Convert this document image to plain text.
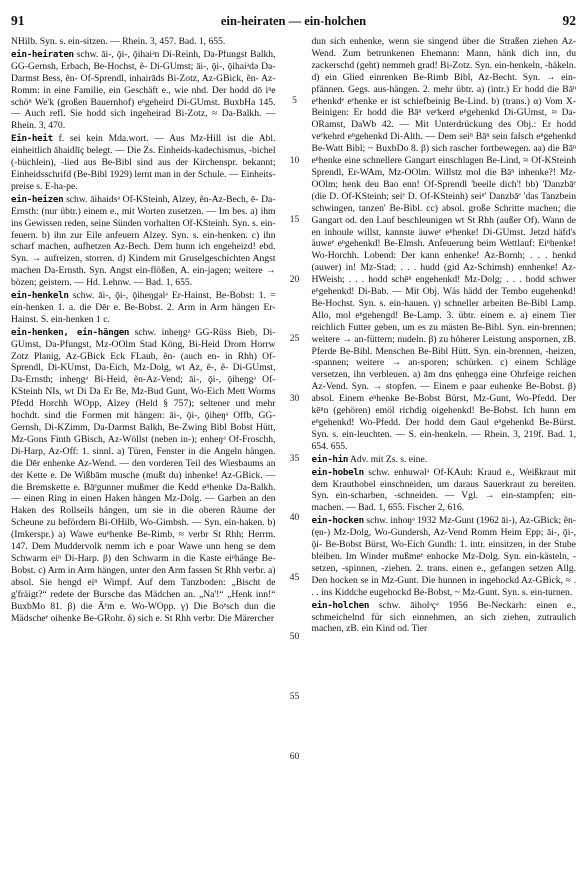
91	ein-heiraten — ein-holchen	92

NHilb. Syn. s. ein-sitzen. — Rhein. 3, 457. Bad. 1, 655.

ein-heiraten schw. āi-, ǭi-, ǭihaiᵊn Di-Reinh, Da-Pfungst Balkh, GG-Gernsh, Erbach, Be-Hochst, ẽ- Di-GUmst; āi-, ǭi-, ǭihaiᵊdə Da-Darmst Bess, ẽn- Of-Sprendl, inhairāds Bi-Zotz, Az-GBick, ẽn- Az-Romm: in eine Familie, ein Geschäft e., wie nhd. Der hodd dō iⁿe schöⁿ We'k (großen Bauernhof) eⁿgeheird Di-GUmst. BuxbHa 145. — Auch refl. Sie hodd sich ingeheirad Bi-Zotz, ≈ Da-Balkh. — Rhein. 3, 470.

Ein-heit f. sei kein Mda.wort. — Aus Mz-Hill ist die Abl. einheitlich āhaidlīç belegt. — Die Zs. Einheids-kadechismus, -bichel (-büchlein), -lied aus Be-Bibl sind aus der Kirchenspr. bekannt; Einheidsschrifd (Be-Bibl 1929) lernt man in der Schule. — Einheits-preise s. E-ha-pe.

ein-heizen schw. āihaidsᵊ Of-KSteinh, Alzey, ẽn-Az-Bech, ē- Da-Ernsth: (nur übtr.) einem e., mit Worten zusetzen. — Im bes. a) ihm ins Gewissen reden, seine Sünden vorhalten Of-KSteinh. Syn. s. ein-feuern. b) ihn zur Eile anfeuern Alzey. Syn. s. ein-henken. c) ihn scharf machen, aufhetzen Az-Bech. Dem hunn ich engeheizd! ebd. Syn. → aufreizen, storren. d) Kindern mit Gruselgeschichten Angst machen Da-Ernsth. Syn. Angst ein-flößen, A. ein-jagen; weitere → bözen; geistern. — Hd. Lehnw. — Bad. 1, 655.

ein-henkeln schw. āi-, ǭi-, ǭiheŋgəlᵊ Er-Hainst, Be-Bobst: 1. = ein-henken 1. a. die Dēr e. Be-Bobst. 2. Arm in Arm hängen Er-Hainst. S. ein-henken 1 c.

ein-henken, ein-hängen schw. inheŋgᵊ GG-Rüss Bieb, Di-GUmst, Da-Pfungst, Mz-OOlm Stad Köng, Bi-Heid Drom Horrw Zotz Planig, Az-GBick Eck FLaub, ẽn- (auch en- in Rhh) Of-Sprendl, Di-KUmst, Da-Eich, Mz-Dolg, wt Az, ẽ-, ẽ- Di-GUmst, Da-Ernsth; inheŋgᵊ Bi-Heid, ẽn-Az-Vend; āi-, ǭi-, ǭiheŋgᵊ Of-KSteinh NIs, wt Di Da Er Be, Mz-Bud Gunt, Wo-Eich Mett Worms Pfedd Horchh WOpp, Alzey (Held § 757); seltener und mehr hochdt. sind die Formen mit hängen: āi-, ǭi-, ǭiheŋᵊ Offb, GG-Gernsh, Di-KZimm, Da-Darmst Balkh, Be-Zwing Bibl Bobst Hütt, Mz-Gons Finth GBisch, Az-Wöllst (neben in-); enheŋᵊ Of-Froschh, Di-Harp, Az-Off: 1. sinnl. a) Türen, Fenster in die Angeln hängen. die Dēr enhenke Az-Wend. — den vorderen Teil des Wiesbaums an der Kette e. De Wißbām musche (mußt du) inhenke! Az-GBick. — die Bremskette e. Bāᵉgunner mußmer die Kedd eⁿhenke Da-Balkh. — einen Ring in einen Haken hängen Mz-Dolg. — Garben an den Haken des Rollseils hängen, um sie in die oberen Räume der Scheune zu befördern Bi-OHilb, Wo-Gimbsh. — Syn. ein-haken. b) (Imkerspr.) a) Wawe euⁿhenke Be-Rimb, ≈ verbr St Rhh; Herrm. 147. Dem Muddervolk nemm ich e poar Wawe unn heng se dem Schwarm eiⁿ Di-Harp. β) den Schwarm in die Kaste eiⁿhänge Be-Bobst. c) Arm in Arm hängen, unter den Arm fassen St Rhh verbr. a) absol. Sie hengd eiⁿ Wimpf. Auf dem Tanzboden: „Bischt de g'fräigt?“ redete der Bursche das Mädchen an. „Na'!“ „Henk inn!“ BuxbMo 81. β) die Āᵉm e. Wo-WOpp. γ) Die Boᵉsch dun die Mädscheᵉ oihenke Be-GRohr. δ) sich e. St Rhh verbr. Die Märercher

5
10
15
20
25
30
35
40
45
50
55
60

dun sich enhenke, wenn sie singend über die Straßen ziehen Az-Wend. Zum betrunkenen Ehemann: Mann, hänk dich inn, du zackerschd (geht) nemmeh grad! Bi-Zotz. Syn. ein-henkeln, -häkeln. d) ein Glied einrenken Be-Rimb Bibl, Az-Becht. Syn. → ein-pfännen. Gegs. aus-hängen. 2. mehr übtr. a) (intr.) Er hodd die Bāⁿ eᵉhenkdᵉ eᵉhenke er ist schiefbeinig Be-Lind. b) (trans.) α) Vom X-Beinigen: Er hodd die Bāⁿ veᵉkerd eⁿgehenkd Di-GUmst, ≈ Da-ORamst, DaWb 42. — Mit Unterdrückung des Obj.: Er hodd veᵉkehrd eⁿgehenkd Di-Alth. — Dem seiⁿ Bāⁿ sein falsch eⁿgehenkd Be-Watt Bibl; ~ BuxbDo 8. β) sich rascher fortbewegen. aa) die Bāⁿ eⁿhenke eine schnellere Gangart einschlagen Be-Lind, ≈ Of-KSteinh Sprendl, Er-WAm, Mz-OOlm. Willstz mol die Bāⁿ inhenke?! Mz-OOlm; henk deu Bao enn! Of-Sprendl 'beeile dich'! bb) 'Danzbāᵉ (die D. Of-KSteinh; seiᵉ D. Of-KSteinh) seiⁿ' Danzbāᵉ 'das Tanzbein schwingen, tanzen' Be-Bibl. cc) absol. große Schritte machen; die Gangart od. den Lauf beschleunigen wt St Rhh (außer Of). Wann de en inhoule willst, kannste äuweᵉ eⁿhenke! Di-GUmst. Jetzd häfd's äuweᵉ eⁿgehenkd! Be-Elmsh. Anfeuerung beim Wettlauf: Eiⁿhenke! Wo-Horchh. Lobend: Der kann enhenke! Az-Bornh; . . . henkd (auwer) in! Mz-Stad; . . . hudd (gid Az-Schimsh) ennhenke! Az-HWeish; . . . hodd schēⁿ engehenkd! Mz-Dolg; . . . hodd schwer eⁿgehenkd! Di-Bab. — Mit Obj. Wäs hädd der Tembo eugehenkd! Be-Hochst. Syn. s. ein-hauen. γ) schneller arbeiten Be-Bibl Lamp. Allo, mol eⁿgehengd! Be-Lamp. 3. übtr. einem e. a) einem Tier reichlich Futter geben, um es zu mästen Be-Bibl. Syn. ein-brennen; weitere → an-füttern; nudeln. β) zu höherer Leistung anspornen, zB. Pferde Be-Bibl. Menschen Be-Bibl Hütt. Syn. ein-brennen, -heizen, -spannen; weitere → an-sporen; schürken. c) einem Schläge versetzen, ihn verbleuen. a) ām dns ęnheŋgə eine Ohrfeige reichen Az-Vend. Syn. → stopfen. — Einem e paar euhenke Be-Bobst. β) absol. Einem eⁿhenke Be-Bobst Bürst, Mz-Gunt, Wo-Pfedd. Der kēⁿn (gehören) emöl richdig oigehenkd! Be-Bobst. Ich hunn em eⁿgehenkd! Wo-Pfedd. Der hodd dem Gaul eⁿgehenkd Be-Bürst. Syn. s. ein-leuchten. — S. ein-henkeln. — Rhein. 3, 219f. Bad. 1, 654. 655.

ein-hin Adv. mit Zs. s. eine.

ein-hobeln schw. enhuwəlᵊ Of-KAuh: Kraud e., Weißkraut mit dem Krauthobel einschneiden, um daraus Sauerkraut zu bereiten. Syn. ein-scharben, -schneiden. — Vgl. → ein-stampfen; ein-machen. — Bad. 1, 655. Fischer 2, 616.

ein-hocken schw. inhoŋᵊ 1932 Mz-Gunt (1962 āi-), Az-GBick; ẽn- (ęn-) Mz-Dolg, Wo-Gundersh, Az-Vend Romm Heim Epp; āi-, ǭi-, ǭi- Be-Bobst Bürst, Wo-Eich Gundh: 1. intr. einsitzen, in der Stube bleiben. Im Winder mußmeᵉ enhocke Mz-Dolg. Syn. ein-kästeln, -setzen, -spinnen, -ziehen. 2. trans. einen e., gefangen setzen Allg. Den hocken se in Mz-Gunt. Die hunnen in ingehockd Az-GBick, ≈ . . . ins Kiddche eugehockd Be-Bobst, ~ Mz-Gunt. Syn. s. ein-turnen.

ein-holchen schw. āiholᵊçᵊ 1956 Be-Neckarh: einen e., schmeichelnd für sich einnehmen, an sich ziehen, zutraulich machen, zB. ein Kind od. Tier
